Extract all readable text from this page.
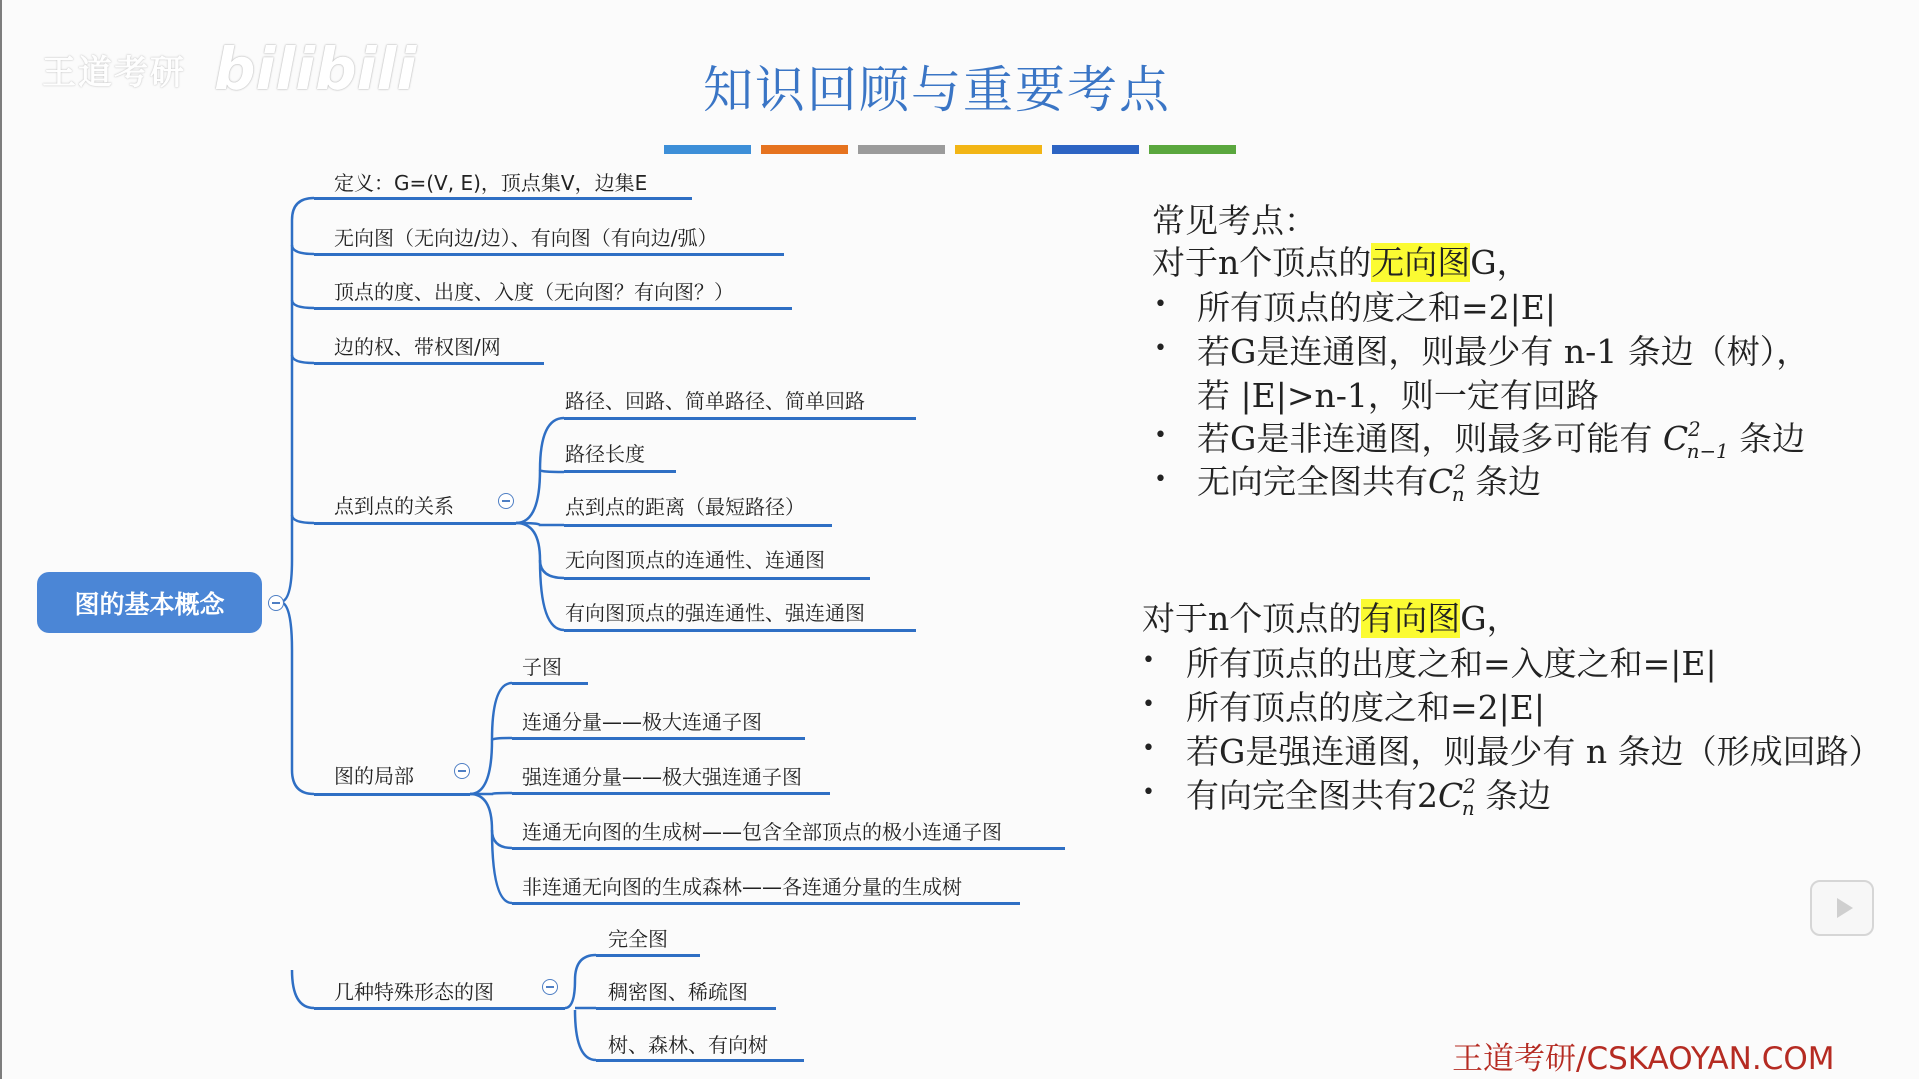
王道考研 bilibili	知识回顾与重要考点
图的基本概念
定义：G=(V, E)，顶点集V，边集E
无向图（无向边/边）、有向图（有向边/弧）
顶点的度、出度、入度（无向图？有向图？）
边的权、带权图/网
点到点的关系
图的局部
几种特殊形态的图
路径、回路、简单路径、简单回路
路径长度
点到点的距离（最短路径）
无向图顶点的连通性、连通图
有向图顶点的强连通性、强连通图
子图
连通分量——极大连通子图
强连通分量——极大强连通子图
连通无向图的生成树——包含全部顶点的极小连通子图
非连通无向图的生成森林——各连通分量的生成树
完全图
稠密图、稀疏图
树、森林、有向树
常见考点：
对于n个顶点的无向图G，
• 所有顶点的度之和=2|E|
• 若G是连通图，则最少有 n-1 条边（树），
若 |E|>n-1，则一定有回路
• 若G是非连通图，则最多可能有 $C^2_{n-1}$ 条边
• 无向完全图共有$C^2_n$ 条边
对于n个顶点的有向图G，
• 所有顶点的出度之和=入度之和=|E|
• 所有顶点的度之和=2|E|
• 若G是强连通图，则最少有 n 条边（形成回路）
• 有向完全图共有$2C^2_n$ 条边
王道考研/CSKAOYAN.COM
